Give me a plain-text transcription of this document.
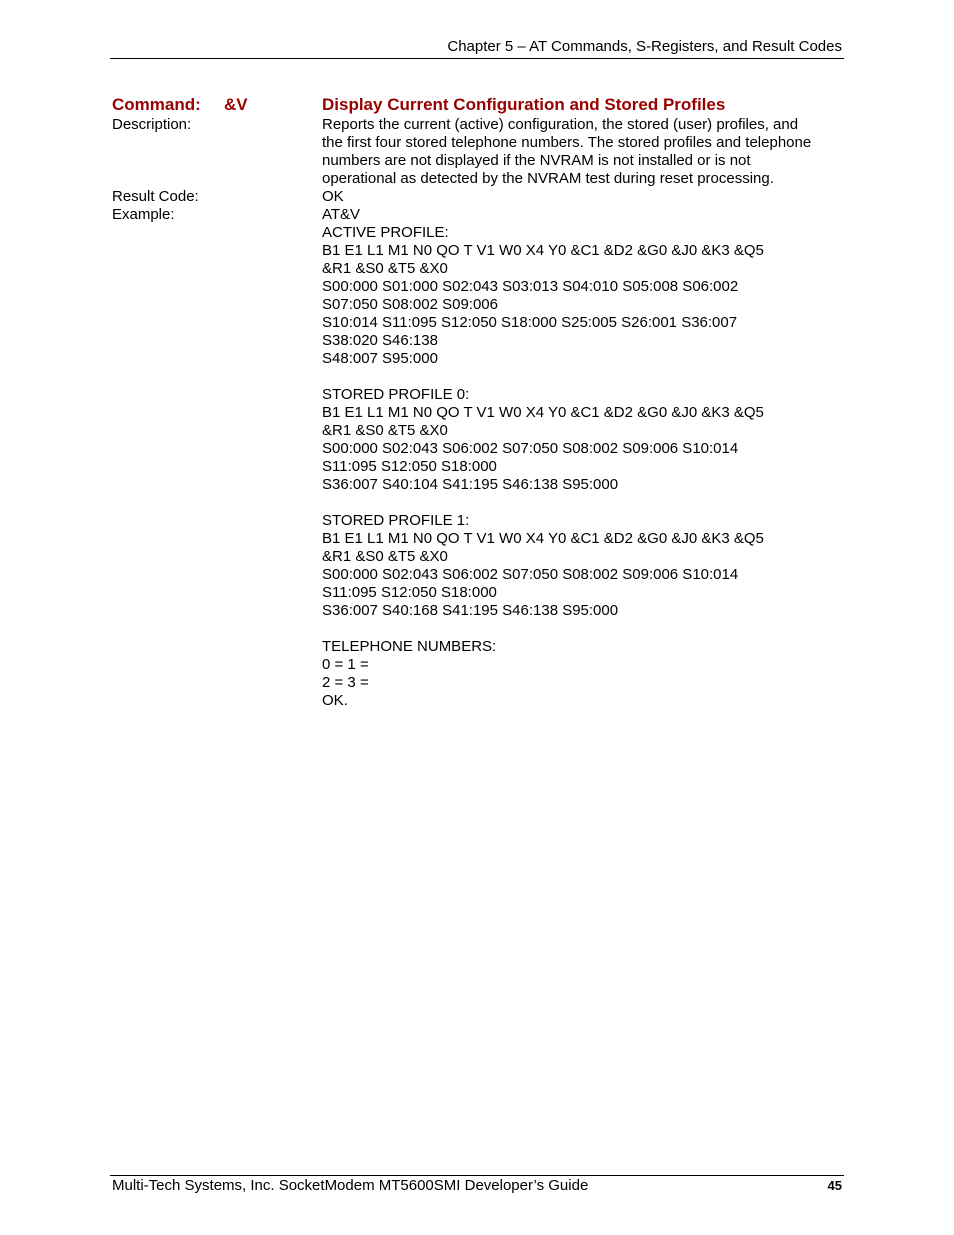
Chapter 5 – AT Commands, S-Registers, and Result Codes
Command: &V	Display Current Configuration and Stored Profiles
Description:
Result Code:
Example:
Reports the current (active) configuration, the stored (user) profiles, and
the first four stored telephone numbers. The stored profiles and telephone
numbers are not displayed if the NVRAM is not installed or is not
operational as detected by the NVRAM test during reset processing.
OK
AT&V
ACTIVE PROFILE:
B1 E1 L1 M1 N0 QO T V1 W0 X4 Y0 &C1 &D2 &G0 &J0 &K3 &Q5
&R1 &S0 &T5 &X0
S00:000 S01:000 S02:043 S03:013 S04:010 S05:008 S06:002
S07:050 S08:002 S09:006
S10:014 S11:095 S12:050 S18:000 S25:005 S26:001 S36:007
S38:020 S46:138
S48:007 S95:000
STORED PROFILE 0:
B1 E1 L1 M1 N0 QO T V1 W0 X4 Y0 &C1 &D2 &G0 &J0 &K3 &Q5
&R1 &S0 &T5 &X0
S00:000 S02:043 S06:002 S07:050 S08:002 S09:006 S10:014
S11:095 S12:050 S18:000
S36:007 S40:104 S41:195 S46:138 S95:000
STORED PROFILE 1:
B1 E1 L1 M1 N0 QO T V1 W0 X4 Y0 &C1 &D2 &G0 &J0 &K3 &Q5
&R1 &S0 &T5 &X0
S00:000 S02:043 S06:002 S07:050 S08:002 S09:006 S10:014
S11:095 S12:050 S18:000
S36:007 S40:168 S41:195 S46:138 S95:000
TELEPHONE NUMBERS:
0 = 1 =
2 = 3 =
OK.
Multi-Tech Systems, Inc. SocketModem MT5600SMI Developer’s Guide	45
